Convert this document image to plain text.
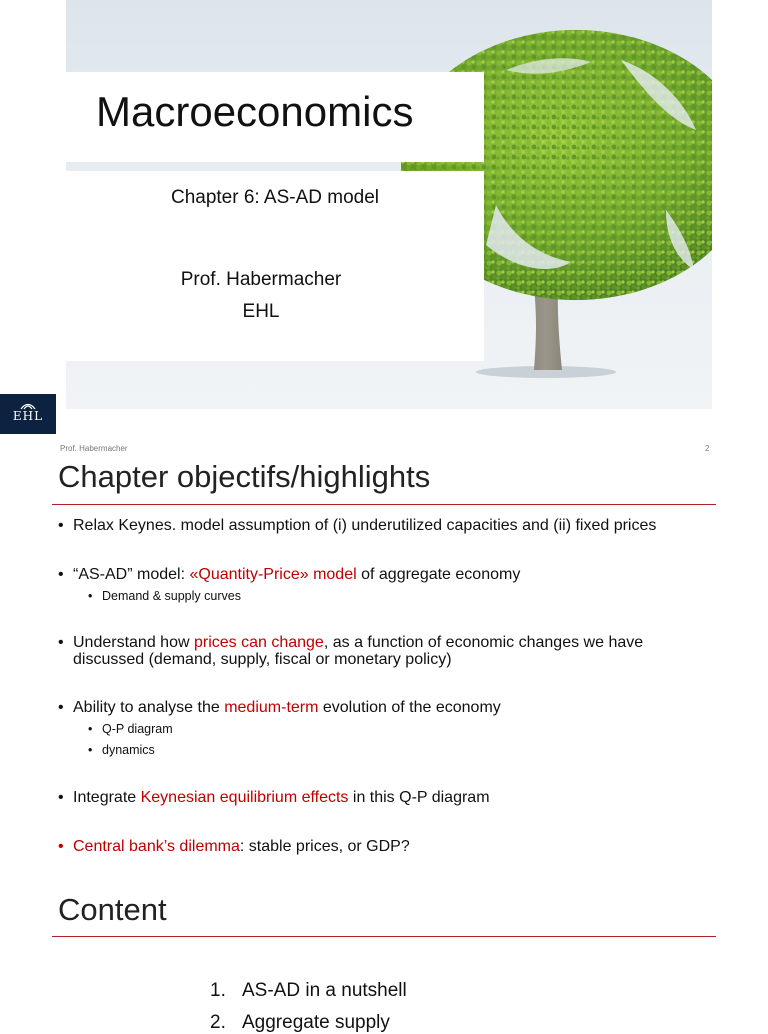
Macroeconomics
Chapter 6: AS-AD model
Prof. Habermacher
EHL
EHL
Prof. Habermacher	2
Chapter objectifs/highlights
• Relax Keynes. model assumption of (i) underutilized capacities and (ii) fixed prices
• “AS-AD” model: «Quantity-Price» model of aggregate economy
• Demand & supply curves
• Understand how prices can change, as a function of economic changes we have discussed (demand, supply, fiscal or monetary policy)
• Ability to analyse the medium-term evolution of the economy
• Q-P diagram
• dynamics
• Integrate Keynesian equilibrium effects in this Q-P diagram
• Central bank’s dilemma: stable prices, or GDP?
Content
1. AS-AD in a nutshell
2. Aggregate supply
